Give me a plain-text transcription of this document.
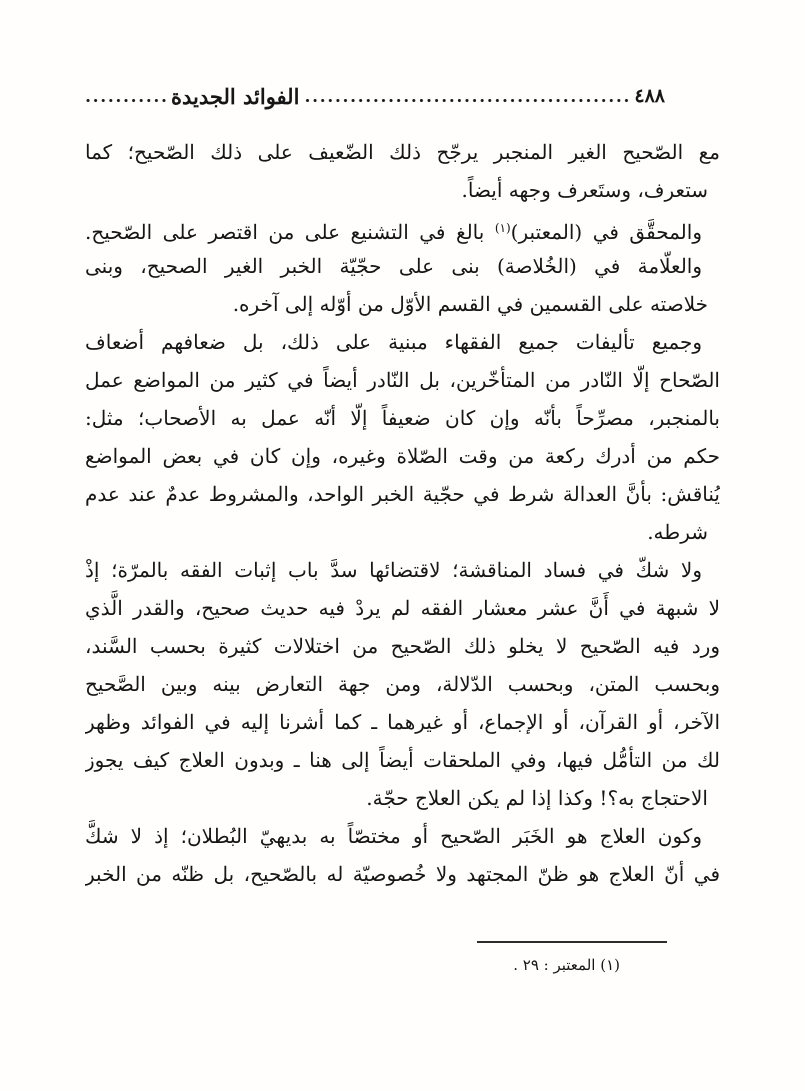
٤٨٨
الفوائد الجديدة
مع الصّحيح الغير المنجبر يرجّح ذلك الضّعيف على ذلك الصّحيح؛ كما
ستعرف، وستَعرف وجهه أيضاً.
والمحقَّق في (المعتبر)$^{(١)}$ بالغ في التشنيع على من اقتصر على الصّحيح.
والعلّامة في (الخُلاصة) بنى على حجّيّة الخبر الغير الصحيح، وبنى
خلاصته على القسمين في القسم الأوّل من أوّله إلى آخره.
وجميع تأليفات جميع الفقهاء مبنية على ذلك، بل ضعافهم أضعاف
الصّحاح إلّا النّادر من المتأخّرين، بل النّادر أيضاً في كثير من المواضع عمل
بالمنجبر، مصرِّحاً بأنّه وإن كان ضعيفاً إلّا أنّه عمل به الأصحاب؛ مثل:
حكم من أدرك ركعة من وقت الصّلاة وغيره، وإن كان في بعض المواضع
يُناقش: بأنَّ العدالة شرط في حجّية الخبر الواحد، والمشروط عدمٌ عند عدم
شرطه.
ولا شكّ في فساد المناقشة؛ لاقتضائها سدَّ باب إثبات الفقه بالمرّة؛ إذْ
لا شبهة في أَنَّ عشر معشار الفقه لم يردْ فيه حديث صحيح، والقدر الَّذي
ورد فيه الصّحيح لا يخلو ذلك الصّحيح من اختلالات كثيرة بحسب السَّند،
وبحسب المتن، وبحسب الدّلالة، ومن جهة التعارض بينه وبين الصَّحيح
الآخر، أو القرآن، أو الإجماع، أو غيرهما ـ كما أشرنا إليه في الفوائد وظهر
لك من التأمُّل فيها، وفي الملحقات أيضاً إلى هنا ـ وبدون العلاج كيف يجوز
الاحتجاج به؟! وكذا إذا لم يكن العلاج حجّة.
وكون العلاج هو الخَبَر الصّحيح أو مختصّاً به بديهيّ البُطلان؛ إذ لا شكَّ
في أنّ العلاج هو ظنّ المجتهد ولا خُصوصيّة له بالصّحيح، بل ظنّه من الخبر
(١) المعتبر : ٢٩ .
